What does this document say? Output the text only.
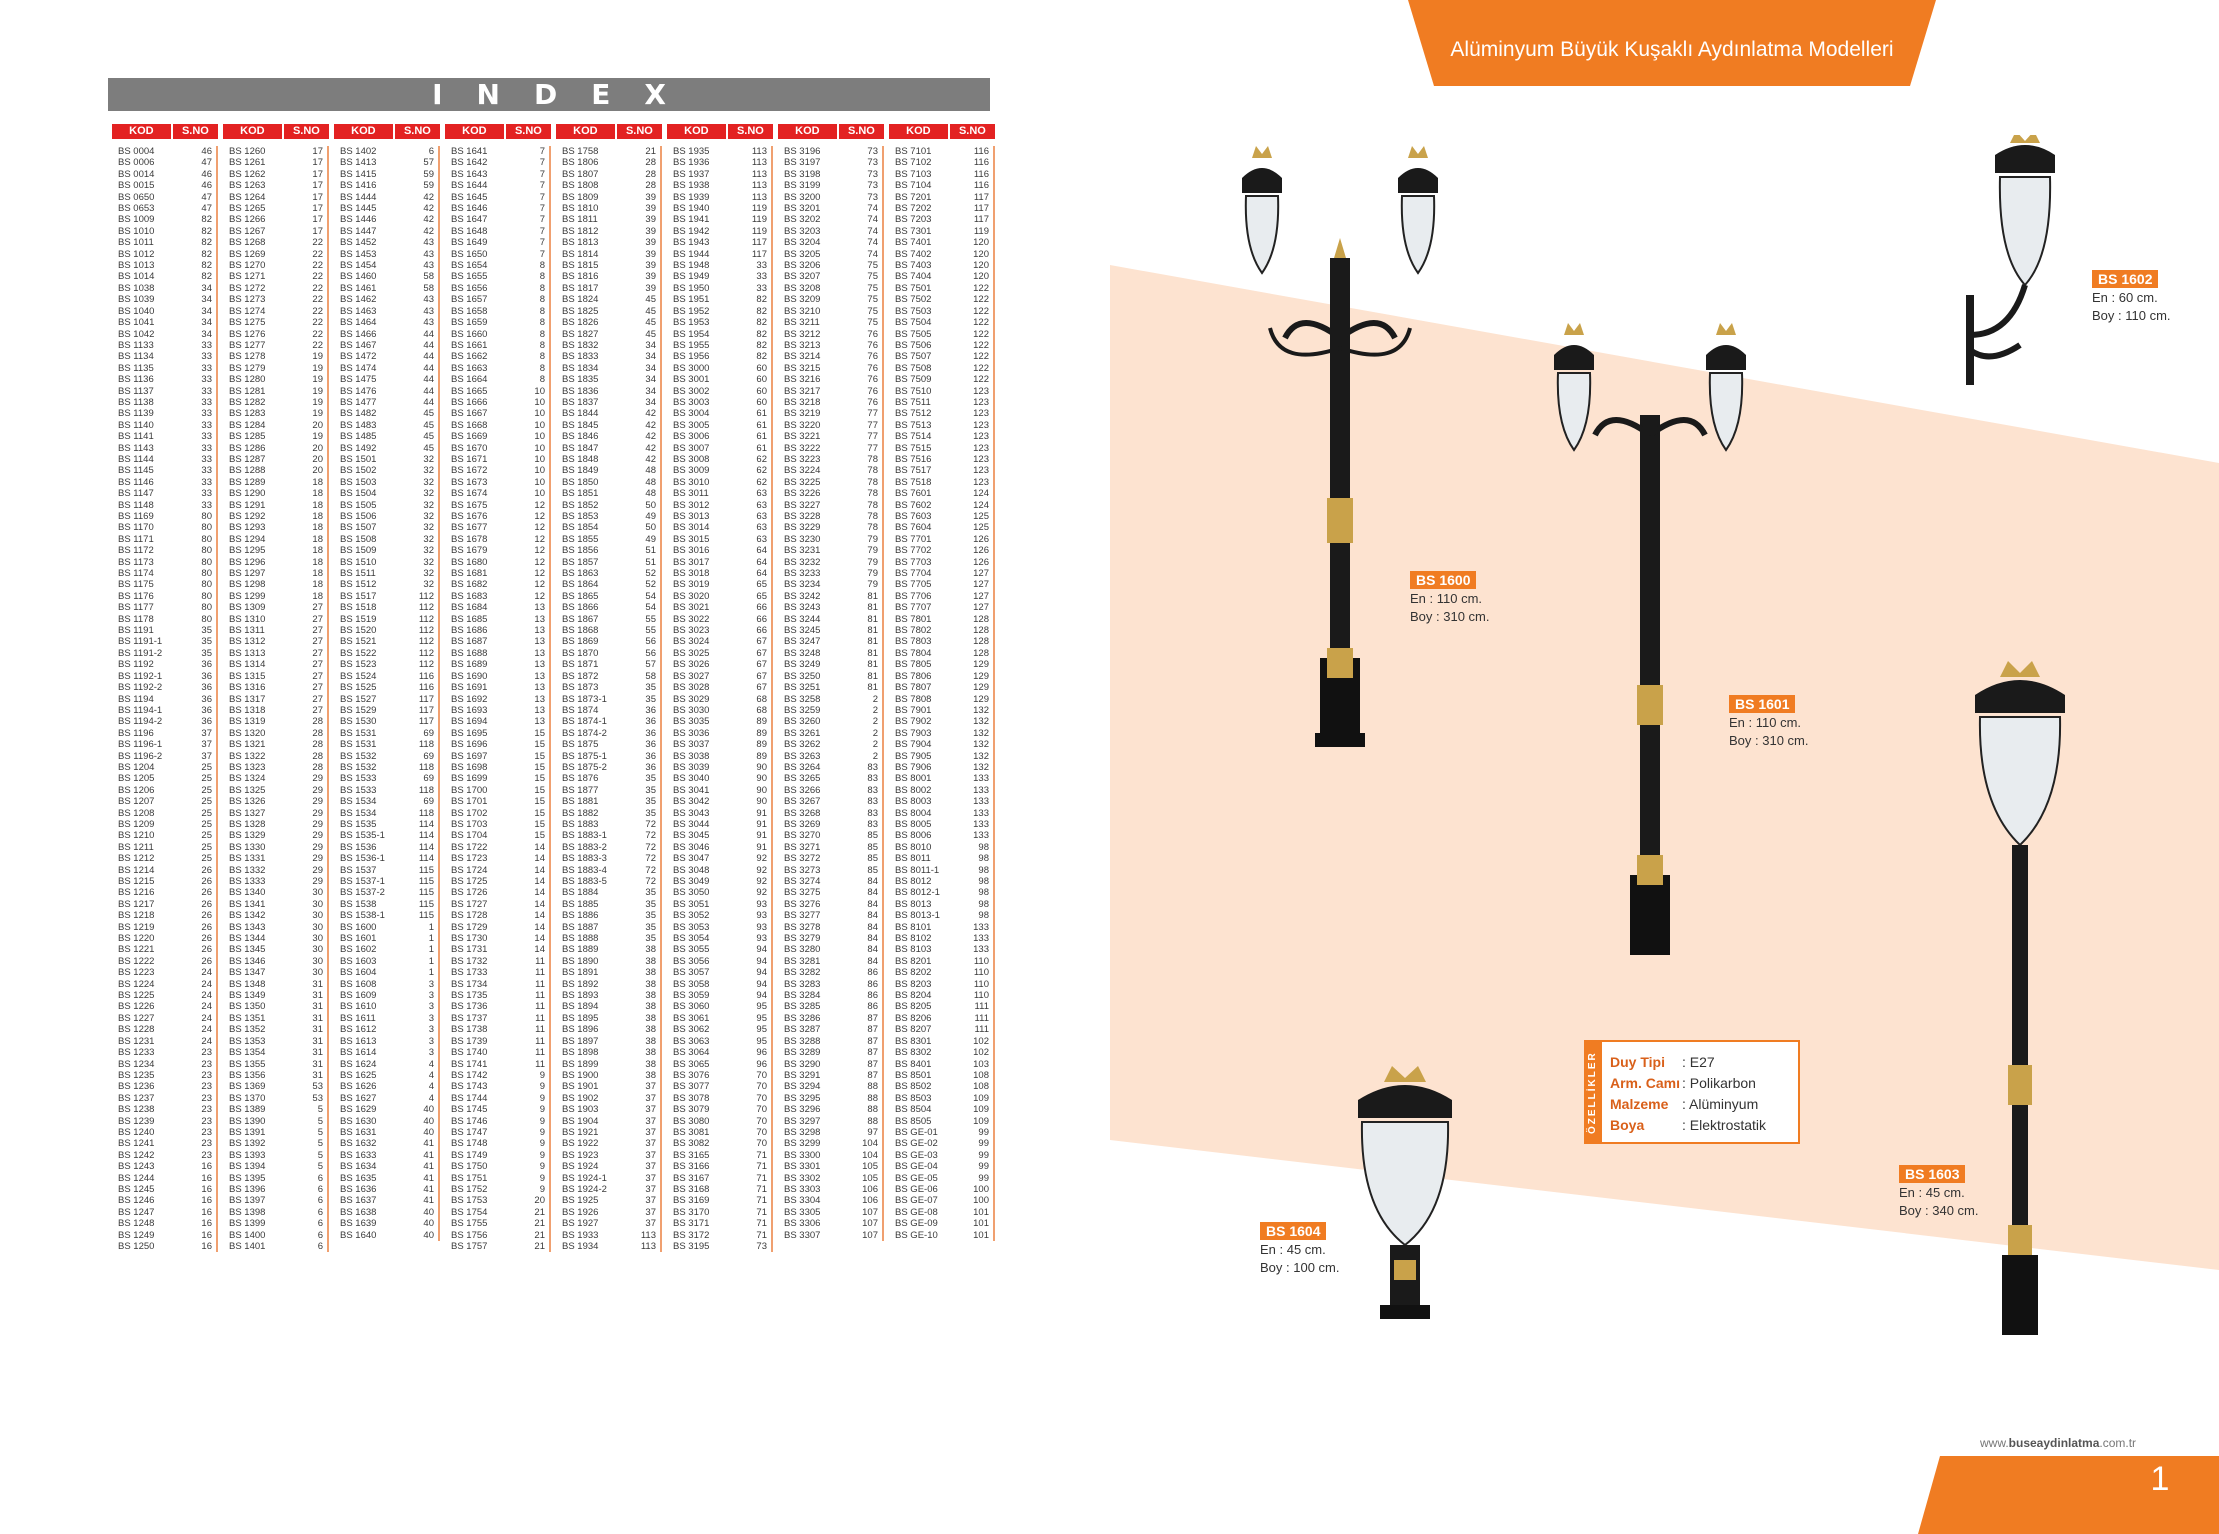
INDEX
KOD	S.NO
BS 0004	46
BS 0006	47
BS 0014	46
BS 0015	46
BS 0650	47
BS 0653	47
BS 1009	82
BS 1010	82
BS 1011	82
BS 1012	82
BS 1013	82
BS 1014	82
BS 1038	34
BS 1039	34
BS 1040	34
BS 1041	34
BS 1042	34
BS 1133	33
BS 1134	33
BS 1135	33
BS 1136	33
BS 1137	33
BS 1138	33
BS 1139	33
BS 1140	33
BS 1141	33
BS 1143	33
BS 1144	33
BS 1145	33
BS 1146	33
BS 1147	33
BS 1148	33
BS 1169	80
BS 1170	80
BS 1171	80
BS 1172	80
BS 1173	80
BS 1174	80
BS 1175	80
BS 1176	80
BS 1177	80
BS 1178	80
BS 1191	35
BS 1191-1	35
BS 1191-2	35
BS 1192	36
BS 1192-1	36
BS 1192-2	36
BS 1194	36
BS 1194-1	36
BS 1194-2	36
BS 1196	37
BS 1196-1	37
BS 1196-2	37
BS 1204	25
BS 1205	25
BS 1206	25
BS 1207	25
BS 1208	25
BS 1209	25
BS 1210	25
BS 1211	25
BS 1212	25
BS 1214	26
BS 1215	26
BS 1216	26
BS 1217	26
BS 1218	26
BS 1219	26
BS 1220	26
BS 1221	26
BS 1222	26
BS 1223	24
BS 1224	24
BS 1225	24
BS 1226	24
BS 1227	24
BS 1228	24
BS 1231	24
BS 1233	23
BS 1234	23
BS 1235	23
BS 1236	23
BS 1237	23
BS 1238	23
BS 1239	23
BS 1240	23
BS 1241	23
BS 1242	23
BS 1243	16
BS 1244	16
BS 1245	16
BS 1246	16
BS 1247	16
BS 1248	16
BS 1249	16
BS 1250	16
KOD	S.NO
BS 1260	17
BS 1261	17
BS 1262	17
BS 1263	17
BS 1264	17
BS 1265	17
BS 1266	17
BS 1267	17
BS 1268	22
BS 1269	22
BS 1270	22
BS 1271	22
BS 1272	22
BS 1273	22
BS 1274	22
BS 1275	22
BS 1276	22
BS 1277	22
BS 1278	19
BS 1279	19
BS 1280	19
BS 1281	19
BS 1282	19
BS 1283	19
BS 1284	20
BS 1285	19
BS 1286	20
BS 1287	20
BS 1288	20
BS 1289	18
BS 1290	18
BS 1291	18
BS 1292	18
BS 1293	18
BS 1294	18
BS 1295	18
BS 1296	18
BS 1297	18
BS 1298	18
BS 1299	18
BS 1309	27
BS 1310	27
BS 1311	27
BS 1312	27
BS 1313	27
BS 1314	27
BS 1315	27
BS 1316	27
BS 1317	27
BS 1318	27
BS 1319	28
BS 1320	28
BS 1321	28
BS 1322	28
BS 1323	28
BS 1324	29
BS 1325	29
BS 1326	29
BS 1327	29
BS 1328	29
BS 1329	29
BS 1330	29
BS 1331	29
BS 1332	29
BS 1333	29
BS 1340	30
BS 1341	30
BS 1342	30
BS 1343	30
BS 1344	30
BS 1345	30
BS 1346	30
BS 1347	30
BS 1348	31
BS 1349	31
BS 1350	31
BS 1351	31
BS 1352	31
BS 1353	31
BS 1354	31
BS 1355	31
BS 1356	31
BS 1369	53
BS 1370	53
BS 1389	5
BS 1390	5
BS 1391	5
BS 1392	5
BS 1393	5
BS 1394	5
BS 1395	6
BS 1396	6
BS 1397	6
BS 1398	6
BS 1399	6
BS 1400	6
BS 1401	6
KOD	S.NO
BS 1402	6
BS 1413	57
BS 1415	59
BS 1416	59
BS 1444	42
BS 1445	42
BS 1446	42
BS 1447	42
BS 1452	43
BS 1453	43
BS 1454	43
BS 1460	58
BS 1461	58
BS 1462	43
BS 1463	43
BS 1464	43
BS 1466	44
BS 1467	44
BS 1472	44
BS 1474	44
BS 1475	44
BS 1476	44
BS 1477	44
BS 1482	45
BS 1483	45
BS 1485	45
BS 1492	45
BS 1501	32
BS 1502	32
BS 1503	32
BS 1504	32
BS 1505	32
BS 1506	32
BS 1507	32
BS 1508	32
BS 1509	32
BS 1510	32
BS 1511	32
BS 1512	32
BS 1517	112
BS 1518	112
BS 1519	112
BS 1520	112
BS 1521	112
BS 1522	112
BS 1523	112
BS 1524	116
BS 1525	116
BS 1527	117
BS 1529	117
BS 1530	117
BS 1531	69
BS 1531	118
BS 1532	69
BS 1532	118
BS 1533	69
BS 1533	118
BS 1534	69
BS 1534	118
BS 1535	114
BS 1535-1	114
BS 1536	114
BS 1536-1	114
BS 1537	115
BS 1537-1	115
BS 1537-2	115
BS 1538	115
BS 1538-1	115
BS 1600	1
BS 1601	1
BS 1602	1
BS 1603	1
BS 1604	1
BS 1608	3
BS 1609	3
BS 1610	3
BS 1611	3
BS 1612	3
BS 1613	3
BS 1614	3
BS 1624	4
BS 1625	4
BS 1626	4
BS 1627	4
BS 1629	40
BS 1630	40
BS 1631	40
BS 1632	41
BS 1633	41
BS 1634	41
BS 1635	41
BS 1636	41
BS 1637	41
BS 1638	40
BS 1639	40
BS 1640	40
KOD	S.NO
BS 1641	7
BS 1642	7
BS 1643	7
BS 1644	7
BS 1645	7
BS 1646	7
BS 1647	7
BS 1648	7
BS 1649	7
BS 1650	7
BS 1654	8
BS 1655	8
BS 1656	8
BS 1657	8
BS 1658	8
BS 1659	8
BS 1660	8
BS 1661	8
BS 1662	8
BS 1663	8
BS 1664	8
BS 1665	10
BS 1666	10
BS 1667	10
BS 1668	10
BS 1669	10
BS 1670	10
BS 1671	10
BS 1672	10
BS 1673	10
BS 1674	10
BS 1675	12
BS 1676	12
BS 1677	12
BS 1678	12
BS 1679	12
BS 1680	12
BS 1681	12
BS 1682	12
BS 1683	12
BS 1684	13
BS 1685	13
BS 1686	13
BS 1687	13
BS 1688	13
BS 1689	13
BS 1690	13
BS 1691	13
BS 1692	13
BS 1693	13
BS 1694	13
BS 1695	15
BS 1696	15
BS 1697	15
BS 1698	15
BS 1699	15
BS 1700	15
BS 1701	15
BS 1702	15
BS 1703	15
BS 1704	15
BS 1722	14
BS 1723	14
BS 1724	14
BS 1725	14
BS 1726	14
BS 1727	14
BS 1728	14
BS 1729	14
BS 1730	14
BS 1731	14
BS 1732	11
BS 1733	11
BS 1734	11
BS 1735	11
BS 1736	11
BS 1737	11
BS 1738	11
BS 1739	11
BS 1740	11
BS 1741	11
BS 1742	9
BS 1743	9
BS 1744	9
BS 1745	9
BS 1746	9
BS 1747	9
BS 1748	9
BS 1749	9
BS 1750	9
BS 1751	9
BS 1752	9
BS 1753	20
BS 1754	21
BS 1755	21
BS 1756	21
BS 1757	21
KOD	S.NO
BS 1758	21
BS 1806	28
BS 1807	28
BS 1808	28
BS 1809	39
BS 1810	39
BS 1811	39
BS 1812	39
BS 1813	39
BS 1814	39
BS 1815	39
BS 1816	39
BS 1817	39
BS 1824	45
BS 1825	45
BS 1826	45
BS 1827	45
BS 1832	34
BS 1833	34
BS 1834	34
BS 1835	34
BS 1836	34
BS 1837	34
BS 1844	42
BS 1845	42
BS 1846	42
BS 1847	42
BS 1848	42
BS 1849	48
BS 1850	48
BS 1851	48
BS 1852	50
BS 1853	49
BS 1854	50
BS 1855	49
BS 1856	51
BS 1857	51
BS 1863	52
BS 1864	52
BS 1865	54
BS 1866	54
BS 1867	55
BS 1868	55
BS 1869	56
BS 1870	56
BS 1871	57
BS 1872	58
BS 1873	35
BS 1873-1	35
BS 1874	36
BS 1874-1	36
BS 1874-2	36
BS 1875	36
BS 1875-1	36
BS 1875-2	36
BS 1876	35
BS 1877	35
BS 1881	35
BS 1882	35
BS 1883	72
BS 1883-1	72
BS 1883-2	72
BS 1883-3	72
BS 1883-4	72
BS 1883-5	72
BS 1884	35
BS 1885	35
BS 1886	35
BS 1887	35
BS 1888	35
BS 1889	38
BS 1890	38
BS 1891	38
BS 1892	38
BS 1893	38
BS 1894	38
BS 1895	38
BS 1896	38
BS 1897	38
BS 1898	38
BS 1899	38
BS 1900	38
BS 1901	37
BS 1902	37
BS 1903	37
BS 1904	37
BS 1921	37
BS 1922	37
BS 1923	37
BS 1924	37
BS 1924-1	37
BS 1924-2	37
BS 1925	37
BS 1926	37
BS 1927	37
BS 1933	113
BS 1934	113
KOD	S.NO
BS 1935	113
BS 1936	113
BS 1937	113
BS 1938	113
BS 1939	113
BS 1940	119
BS 1941	119
BS 1942	119
BS 1943	117
BS 1944	117
BS 1948	33
BS 1949	33
BS 1950	33
BS 1951	82
BS 1952	82
BS 1953	82
BS 1954	82
BS 1955	82
BS 1956	82
BS 3000	60
BS 3001	60
BS 3002	60
BS 3003	60
BS 3004	61
BS 3005	61
BS 3006	61
BS 3007	61
BS 3008	62
BS 3009	62
BS 3010	62
BS 3011	63
BS 3012	63
BS 3013	63
BS 3014	63
BS 3015	63
BS 3016	64
BS 3017	64
BS 3018	64
BS 3019	65
BS 3020	65
BS 3021	66
BS 3022	66
BS 3023	66
BS 3024	67
BS 3025	67
BS 3026	67
BS 3027	67
BS 3028	67
BS 3029	68
BS 3030	68
BS 3035	89
BS 3036	89
BS 3037	89
BS 3038	89
BS 3039	90
BS 3040	90
BS 3041	90
BS 3042	90
BS 3043	91
BS 3044	91
BS 3045	91
BS 3046	91
BS 3047	92
BS 3048	92
BS 3049	92
BS 3050	92
BS 3051	93
BS 3052	93
BS 3053	93
BS 3054	93
BS 3055	94
BS 3056	94
BS 3057	94
BS 3058	94
BS 3059	94
BS 3060	95
BS 3061	95
BS 3062	95
BS 3063	95
BS 3064	96
BS 3065	96
BS 3076	70
BS 3077	70
BS 3078	70
BS 3079	70
BS 3080	70
BS 3081	70
BS 3082	70
BS 3165	71
BS 3166	71
BS 3167	71
BS 3168	71
BS 3169	71
BS 3170	71
BS 3171	71
BS 3172	71
BS 3195	73
KOD	S.NO
BS 3196	73
BS 3197	73
BS 3198	73
BS 3199	73
BS 3200	73
BS 3201	74
BS 3202	74
BS 3203	74
BS 3204	74
BS 3205	74
BS 3206	75
BS 3207	75
BS 3208	75
BS 3209	75
BS 3210	75
BS 3211	75
BS 3212	76
BS 3213	76
BS 3214	76
BS 3215	76
BS 3216	76
BS 3217	76
BS 3218	76
BS 3219	77
BS 3220	77
BS 3221	77
BS 3222	77
BS 3223	78
BS 3224	78
BS 3225	78
BS 3226	78
BS 3227	78
BS 3228	78
BS 3229	78
BS 3230	79
BS 3231	79
BS 3232	79
BS 3233	79
BS 3234	79
BS 3242	81
BS 3243	81
BS 3244	81
BS 3245	81
BS 3247	81
BS 3248	81
BS 3249	81
BS 3250	81
BS 3251	81
BS 3258	2
BS 3259	2
BS 3260	2
BS 3261	2
BS 3262	2
BS 3263	2
BS 3264	83
BS 3265	83
BS 3266	83
BS 3267	83
BS 3268	83
BS 3269	83
BS 3270	85
BS 3271	85
BS 3272	85
BS 3273	85
BS 3274	84
BS 3275	84
BS 3276	84
BS 3277	84
BS 3278	84
BS 3279	84
BS 3280	84
BS 3281	84
BS 3282	86
BS 3283	86
BS 3284	86
BS 3285	86
BS 3286	87
BS 3287	87
BS 3288	87
BS 3289	87
BS 3290	87
BS 3291	87
BS 3294	88
BS 3295	88
BS 3296	88
BS 3297	88
BS 3298	97
BS 3299	104
BS 3300	104
BS 3301	105
BS 3302	105
BS 3303	106
BS 3304	106
BS 3305	107
BS 3306	107
BS 3307	107
KOD	S.NO
BS 7101	116
BS 7102	116
BS 7103	116
BS 7104	116
BS 7201	117
BS 7202	117
BS 7203	117
BS 7301	119
BS 7401	120
BS 7402	120
BS 7403	120
BS 7404	120
BS 7501	122
BS 7502	122
BS 7503	122
BS 7504	122
BS 7505	122
BS 7506	122
BS 7507	122
BS 7508	122
BS 7509	122
BS 7510	123
BS 7511	123
BS 7512	123
BS 7513	123
BS 7514	123
BS 7515	123
BS 7516	123
BS 7517	123
BS 7518	123
BS 7601	124
BS 7602	124
BS 7603	125
BS 7604	125
BS 7701	126
BS 7702	126
BS 7703	126
BS 7704	127
BS 7705	127
BS 7706	127
BS 7707	127
BS 7801	128
BS 7802	128
BS 7803	128
BS 7804	128
BS 7805	129
BS 7806	129
BS 7807	129
BS 7808	129
BS 7901	132
BS 7902	132
BS 7903	132
BS 7904	132
BS 7905	132
BS 7906	132
BS 8001	133
BS 8002	133
BS 8003	133
BS 8004	133
BS 8005	133
BS 8006	133
BS 8010	98
BS 8011	98
BS 8011-1	98
BS 8012	98
BS 8012-1	98
BS 8013	98
BS 8013-1	98
BS 8101	133
BS 8102	133
BS 8103	133
BS 8201	110
BS 8202	110
BS 8203	110
BS 8204	110
BS 8205	111
BS 8206	111
BS 8207	111
BS 8301	102
BS 8302	102
BS 8401	103
BS 8501	108
BS 8502	108
BS 8503	109
BS 8504	109
BS 8505	109
BS GE-01	99
BS GE-02	99
BS GE-03	99
BS GE-04	99
BS GE-05	99
BS GE-06	100
BS GE-07	100
BS GE-08	101
BS GE-09	101
BS GE-10	101
Alüminyum Büyük Kuşaklı Aydınlatma Modelleri
BS 1600
En : 110 cm.
Boy : 310 cm.
BS 1601
En : 110 cm.
Boy : 310 cm.
BS 1602
En : 60 cm.
Boy : 110 cm.
BS 1603
En : 45 cm.
Boy : 340 cm.
BS 1604
En : 45 cm.
Boy : 100 cm.
ÖZELLİKLER Duy Tipi : E27
Arm. Camı : Polikarbon
Malzeme : Alüminyum
Boya	: Elektrostatik
www.buseaydinlatma.com.tr
1
